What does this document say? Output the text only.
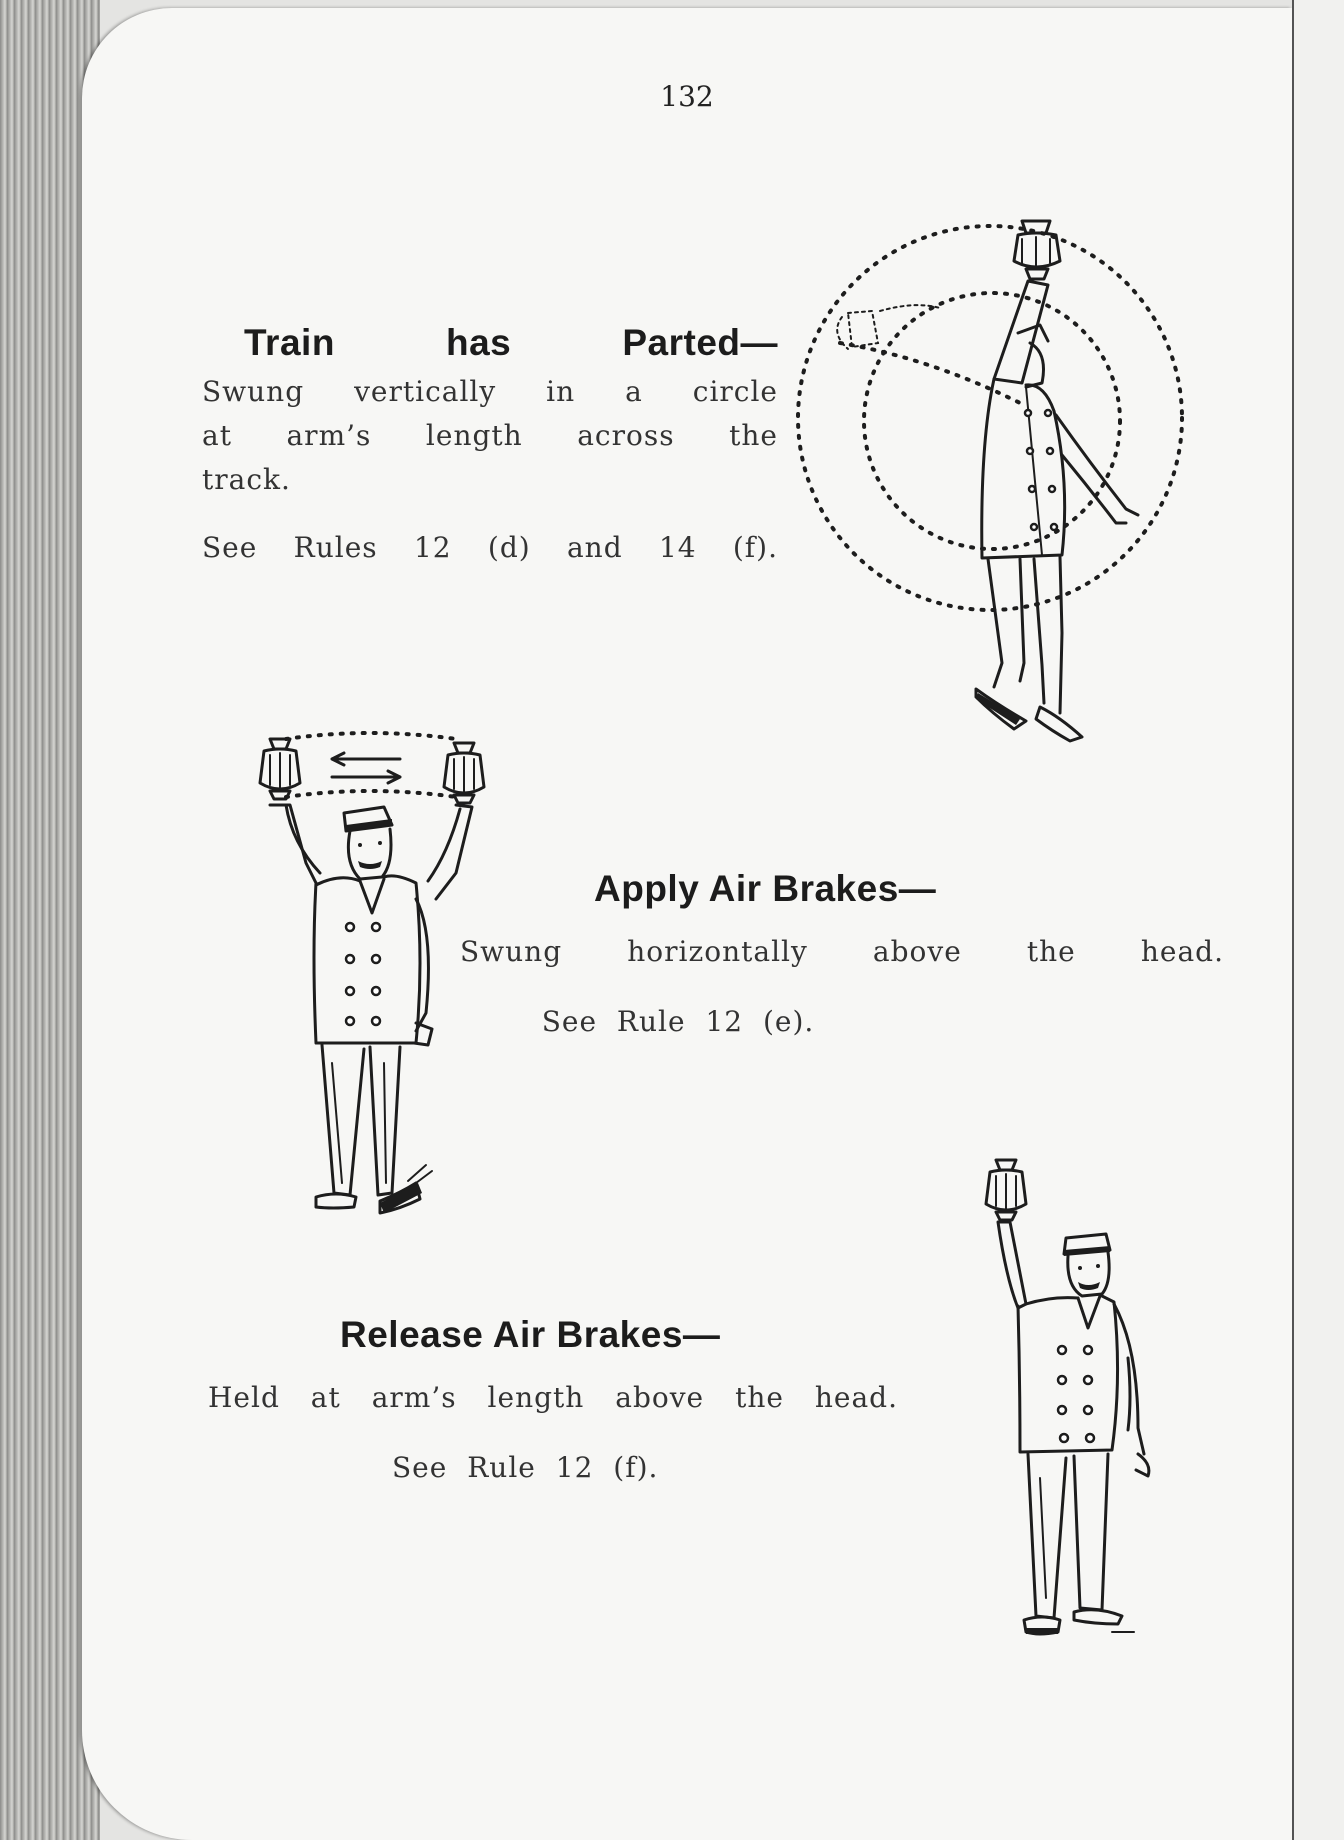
132
Train has Parted—

Swung vertically in a circle

at arm’s length across the

track.

See Rules 12 (d) and 14 (f).

Apply Air Brakes—

Swung horizontally above the head.

See Rule 12 (e).

Release Air Brakes—

Held at arm’s length above the head.

See Rule 12 (f).
